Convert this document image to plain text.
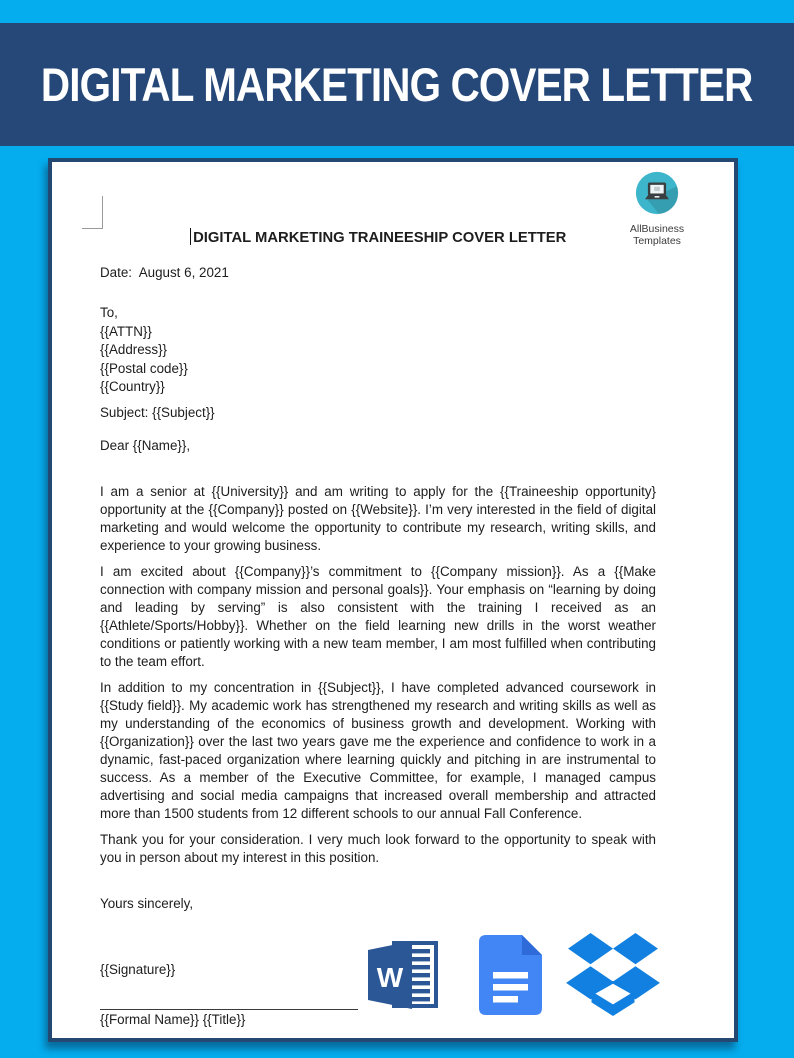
DIGITAL MARKETING COVER LETTER
AllBusiness
Templates
DIGITAL MARKETING TRAINEESHIP COVER LETTER
Date:  August 6, 2021
To,
{{ATTN}}
{{Address}}
{{Postal code}}
{{Country}}
Subject: {{Subject}}
Dear {{Name}},

I am a senior at {{University}} and am writing to apply for the {{Traineeship opportunity} opportunity at the {{Company}} posted on {{Website}}. I’m very interested in the field of digital marketing and would welcome the opportunity to contribute my research, writing skills, and experience to your growing business.

I am excited about {{Company}}’s commitment to {{Company mission}}. As a {{Make connection with company mission and personal goals}}. Your emphasis on “learning by doing and leading by serving” is also consistent with the training I received as an {{Athlete/Sports/Hobby}}. Whether on the field learning new drills in the worst weather conditions or patiently working with a new team member, I am most fulfilled when contributing to the team effort.

In addition to my concentration in {{Subject}}, I have completed advanced coursework in {{Study field}}. My academic work has strengthened my research and writing skills as well as my understanding of the economics of business growth and development. Working with {{Organization}} over the last two years gave me the experience and confidence to work in a dynamic, fast-paced organization where learning quickly and pitching in are instrumental to success. As a member of the Executive Committee, for example, I managed campus advertising and social media campaigns that increased overall membership and attracted more than 1500 students from 12 different schools to our annual Fall Conference.

Thank you for your consideration. I very much look forward to the opportunity to speak with you in person about my interest in this position.

Yours sincerely,
{{Signature}}
{{Formal Name}} {{Title}}
W
